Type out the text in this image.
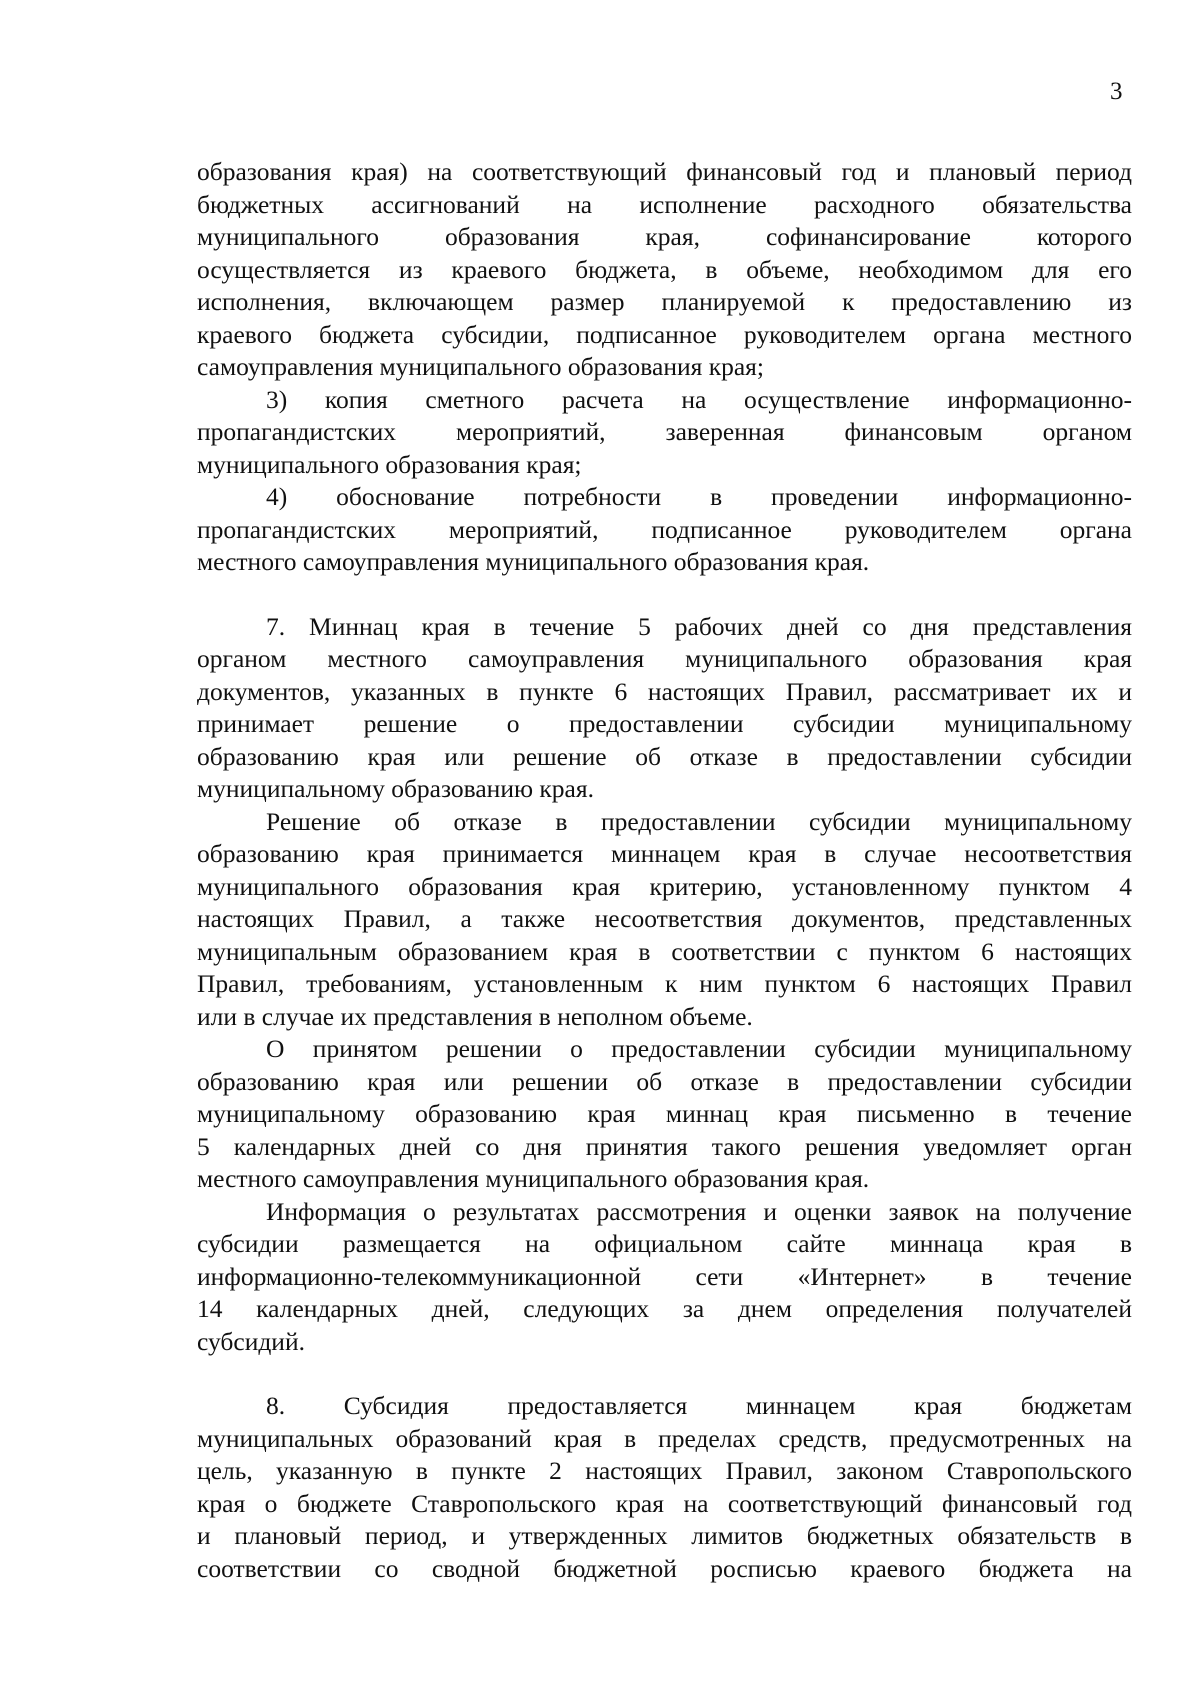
3
образования края) на соответствующий финансовый год и плановый период
бюджетных ассигнований на исполнение расходного обязательства
муниципального образования края, софинансирование которого
осуществляется из краевого бюджета, в объеме, необходимом для его
исполнения, включающем размер планируемой к предоставлению из
краевого бюджета субсидии, подписанное руководителем органа местного
самоуправления муниципального образования края;
3) копия сметного расчета на осуществление информационно-
пропагандистских мероприятий, заверенная финансовым органом
муниципального образования края;
4) обоснование потребности в проведении информационно-
пропагандистских мероприятий, подписанное руководителем органа
местного самоуправления муниципального образования края.
7. Миннац края в течение 5 рабочих дней со дня представления
органом местного самоуправления муниципального образования края
документов, указанных в пункте 6 настоящих Правил, рассматривает их и
принимает решение о предоставлении субсидии муниципальному
образованию края или решение об отказе в предоставлении субсидии
муниципальному образованию края.
Решение об отказе в предоставлении субсидии муниципальному
образованию края принимается миннацем края в случае несоответствия
муниципального образования края критерию, установленному пунктом 4
настоящих Правил, а также несоответствия документов, представленных
муниципальным образованием края в соответствии с пунктом 6 настоящих
Правил, требованиям, установленным к ним пунктом 6 настоящих Правил
или в случае их представления в неполном объеме.
О принятом решении о предоставлении субсидии муниципальному
образованию края или решении об отказе в предоставлении субсидии
муниципальному образованию края миннац края письменно в течение
5 календарных дней со дня принятия такого решения уведомляет орган
местного самоуправления муниципального образования края.
Информация о результатах рассмотрения и оценки заявок на получение
субсидии размещается на официальном сайте миннаца края в
информационно-телекоммуникационной сети «Интернет» в течение
14 календарных дней, следующих за днем определения получателей
субсидий.
8. Субсидия предоставляется миннацем края бюджетам
муниципальных образований края в пределах средств, предусмотренных на
цель, указанную в пункте 2 настоящих Правил, законом Ставропольского
края о бюджете Ставропольского края на соответствующий финансовый год
и плановый период, и утвержденных лимитов бюджетных обязательств в
соответствии со сводной бюджетной росписью краевого бюджета на
